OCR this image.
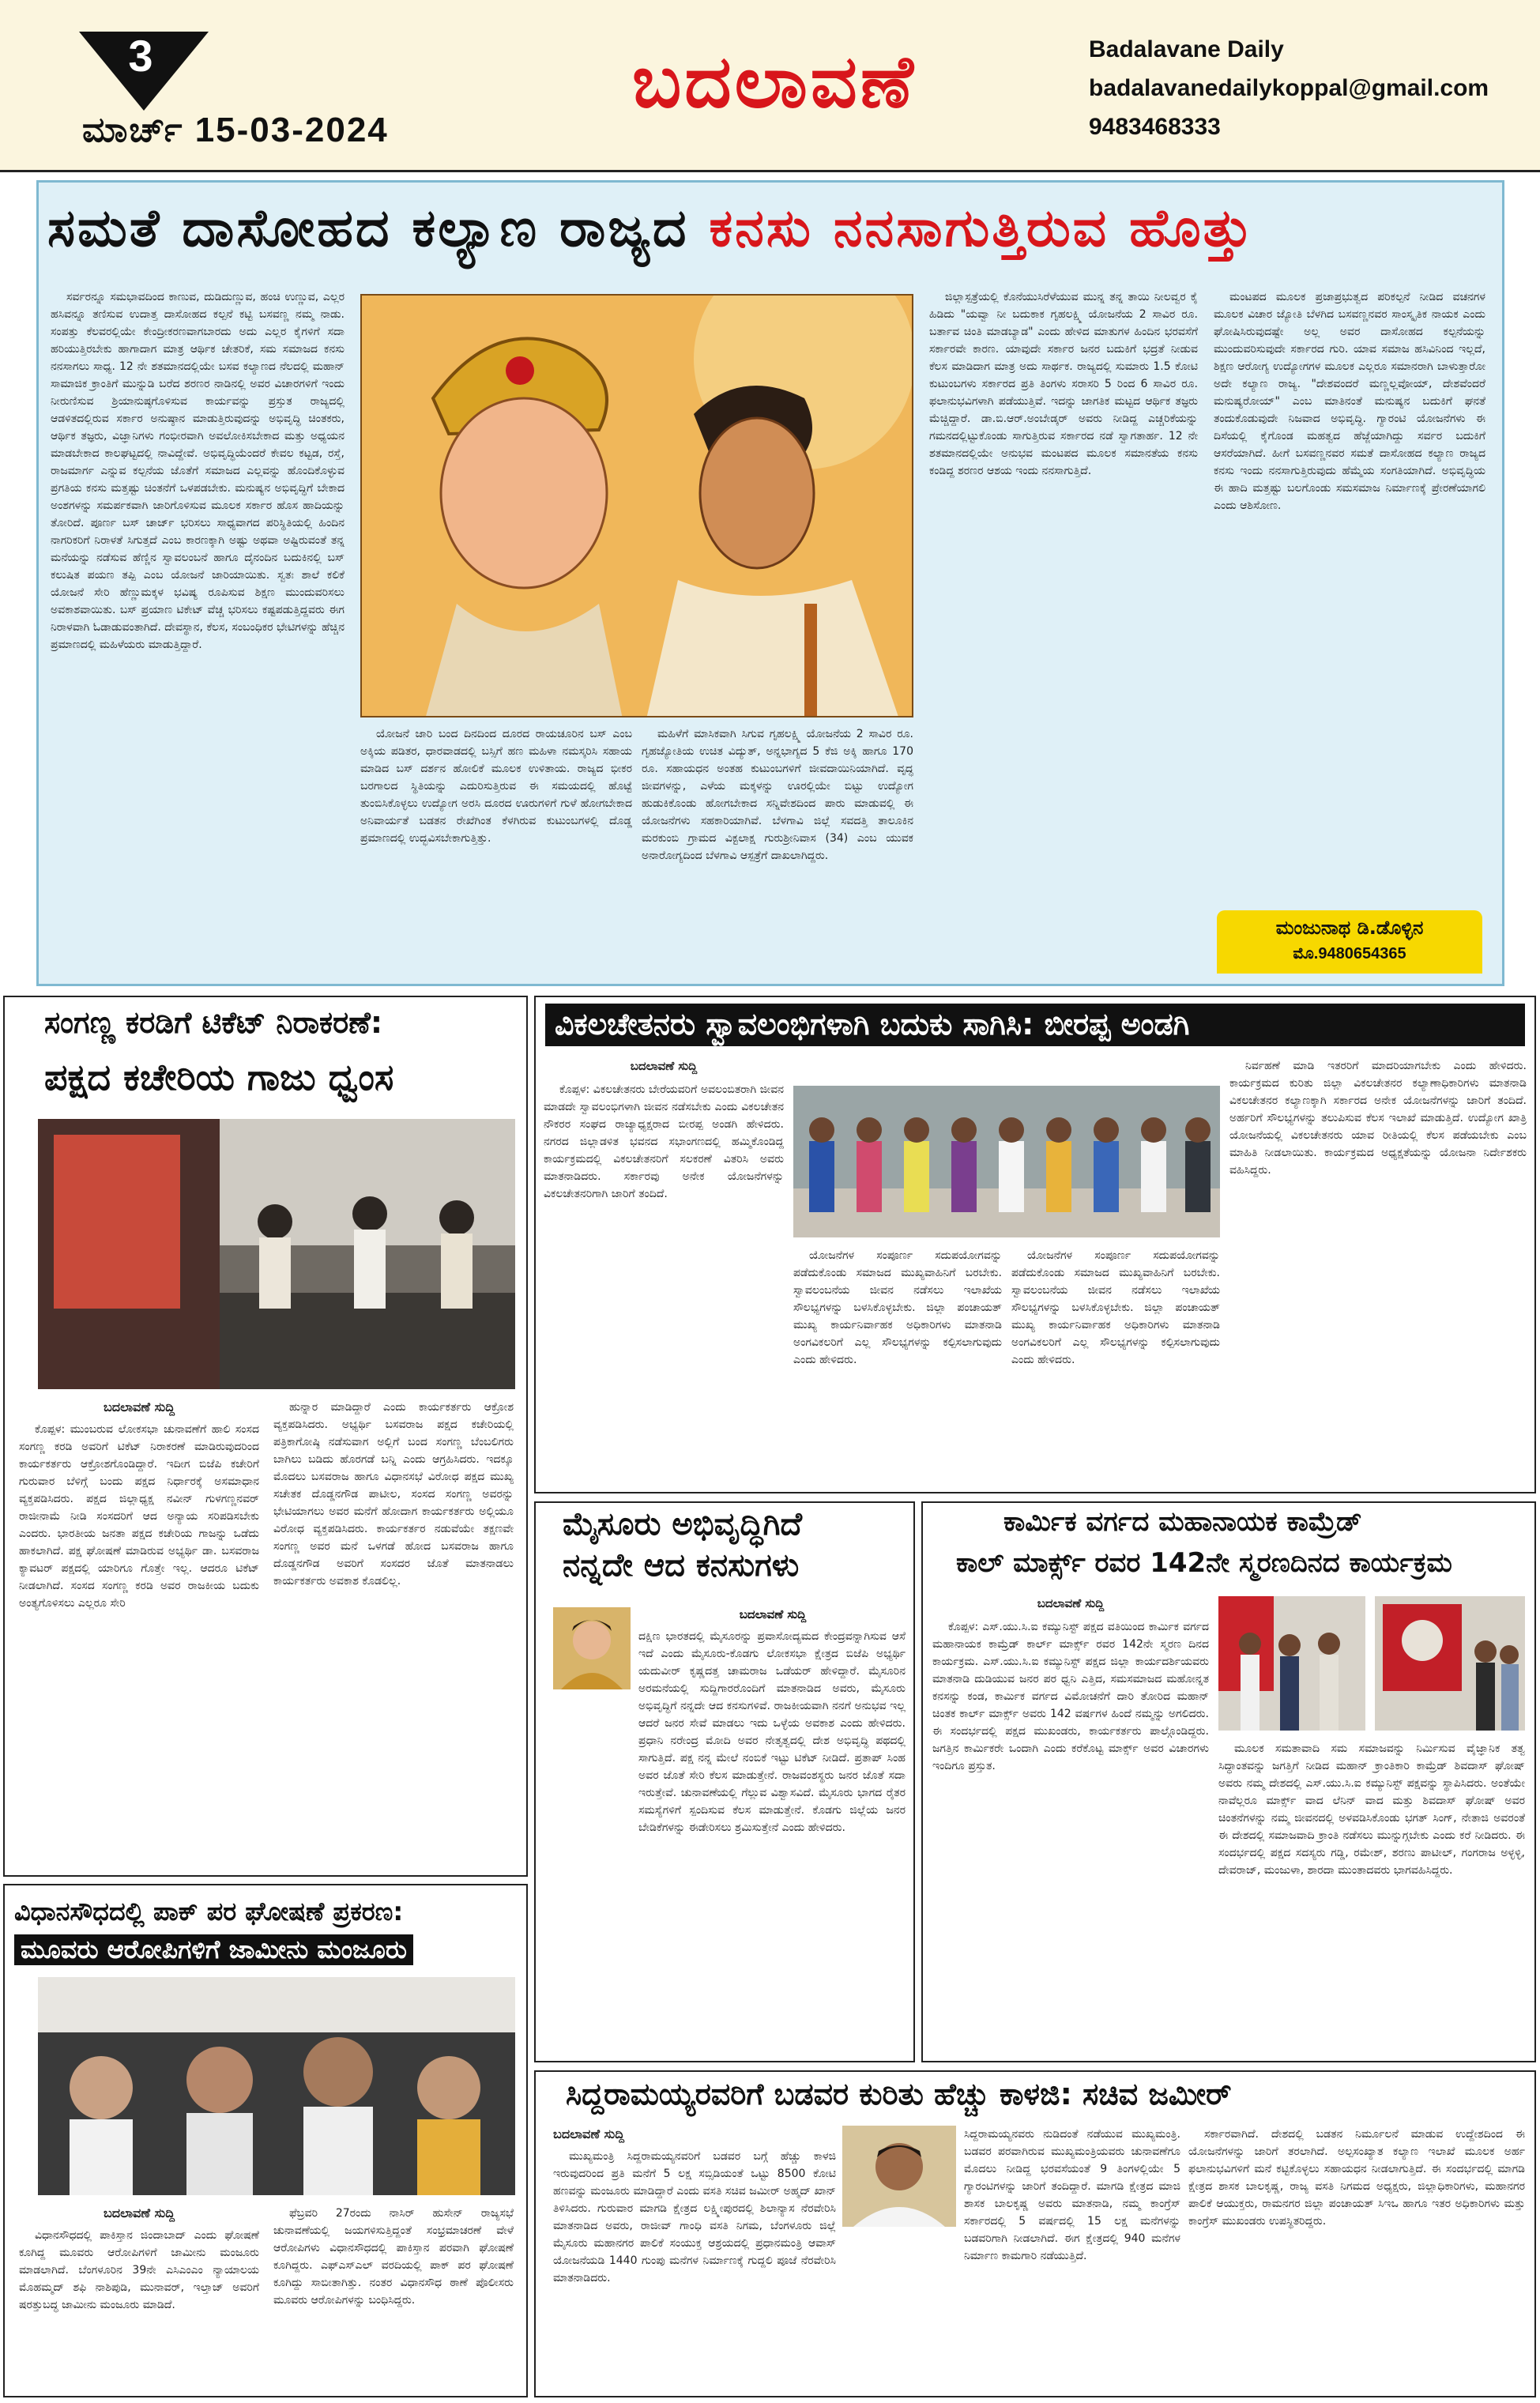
3
ಮಾರ್ಚ್ 15-03-2024
ಬದಲಾವಣೆ	Badalavane Daily
badalavanedailykoppal@gmail.com
9483468333
ಸಮತೆ ದಾಸೋಹದ ಕಲ್ಯಾಣ ರಾಜ್ಯದ ಕನಸು ನನಸಾಗುತ್ತಿರುವ ಹೊತ್ತು

ಸರ್ವರನ್ನೂ ಸಮಭಾವದಿಂದ ಕಾಣುವ, ದುಡಿದುಣ್ಣುವ, ಹಂಚಿ ಉಣ್ಣುವ, ಎಲ್ಲರ ಹಸಿವನ್ನೂ ತಣಿಸುವ ಉದಾತ್ತ ದಾಸೋಹದ ಕಲ್ಪನೆ ಕಟ್ಟಿ ಬಸವಣ್ಣ ನಮ್ಮ ನಾಡು. ಸಂಪತ್ತು ಕೆಲವರಲ್ಲಿಯೇ ಕೇಂದ್ರೀಕರಣವಾಗಬಾರದು ಅದು ಎಲ್ಲರ ಕೈಗಳಿಗೆ ಸದಾ ಹರಿಯುತ್ತಿರಬೇಕು ಹಾಗಾದಾಗ ಮಾತ್ರ ಆರ್ಥಿಕ ಚೇತರಿಕೆ, ಸಮ ಸಮಾಜದ ಕನಸು ನನಸಾಗಲು ಸಾಧ್ಯ. 12 ನೇ ಶತಮಾನದಲ್ಲಿಯೇ ಬಸವ ಕಲ್ಯಾಣದ ನೆಲದಲ್ಲಿ ಮಹಾನ್ ಸಾಮಾಜಿಕ ಕ್ರಾಂತಿಗೆ ಮುನ್ನುಡಿ ಬರೆದ ಶರಣರ ನಾಡಿನಲ್ಲಿ ಅವರ ವಿಚಾರಗಳಿಗೆ ಇಂದು ನೀರುಣಿಸುವ ಶ್ರಿಯಾನುಷ್ಠಗೊಳಿಸುವ ಕಾರ್ಯವನ್ನು ಪ್ರಸ್ತುತ ರಾಜ್ಯದಲ್ಲಿ ಆಡಳಿತದಲ್ಲಿರುವ ಸರ್ಕಾರ ಅನುಷ್ಠಾನ ಮಾಡುತ್ತಿರುವುದನ್ನು ಅಭಿವೃದ್ಧಿ ಚಿಂತಕರು, ಆರ್ಥಿಕ ತಜ್ಞರು, ವಿಜ್ಞಾನಿಗಳು ಗಂಭೀರವಾಗಿ ಅವಲೋಕಿಸಬೇಕಾದ ಮತ್ತು ಅಧ್ಯಯನ ಮಾಡಬೇಕಾದ ಕಾಲಘಟ್ಟದಲ್ಲಿ ನಾವಿದ್ದೇವೆ. ಅಭಿವೃದ್ಧಿಯೆಂದರೆ ಕೇವಲ ಕಟ್ಟಡ, ರಸ್ತೆ, ರಾಜಮಾರ್ಗ ಎನ್ನುವ ಕಲ್ಪನೆಯ ಜೊತೆಗೆ ಸಮಾಜದ ಎಲ್ಲವನ್ನು ಹೊಂದಿಕೊಳ್ಳುವ ಪ್ರಗತಿಯ ಕನಸು ಮತ್ತಷ್ಟು ಚಿಂತನೆಗೆ ಒಳಪಡಬೇಕು. ಮನುಷ್ಯನ ಅಭಿವೃದ್ಧಿಗೆ ಬೇಕಾದ ಅಂಶಗಳನ್ನು ಸಮರ್ಪಕವಾಗಿ ಜಾರಿಗೊಳಿಸುವ ಮೂಲಕ ಸರ್ಕಾರ ಹೊಸ ಹಾದಿಯನ್ನು ತೋರಿದೆ. ಪೂರ್ಣ ಬಸ್ ಚಾರ್ಜ್ ಭರಿಸಲು ಸಾಧ್ಯವಾಗದ ಪರಿಸ್ಥಿತಿಯಲ್ಲಿ ಹಿಂದಿನ ನಾಗರಿಕರಿಗೆ ನಿರಾಳತೆ ಸಿಗುತ್ತದೆ ಎಂಬ ಕಾರಣಕ್ಕಾಗಿ ಅಷ್ಟು ಅಥವಾ ಅಷ್ಟಿರುವಂತೆ ತನ್ನ ಮನೆಯನ್ನು ನಡೆಸುವ ಹೆಣ್ಣಿನ ಸ್ವಾವಲಂಬನೆ ಹಾಗೂ ದೈನಂದಿನ ಬದುಕಿನಲ್ಲಿ ಬಸ್ ಕಲುಷಿತ ಪಯಣ ತಪ್ಪಿ ಎಂಬ ಯೋಜನೆ ಜಾರಿಯಾಯಿತು. ಸ್ವತಃ ಶಾಲೆ ಕಲಿಕೆ ಯೋಜನೆ ಸೇರಿ ಹೆಣ್ಣುಮಕ್ಕಳ ಭವಿಷ್ಯ ರೂಪಿಸುವ ಶಿಕ್ಷಣ ಮುಂದುವರಿಸಲು ಅವಕಾಶವಾಯಿತು. ಬಸ್ ಪ್ರಯಾಣ ಟಿಕೇಟ್ ವೆಚ್ಚ ಭರಿಸಲು ಕಷ್ಟಪಡುತ್ತಿದ್ದವರು ಈಗ ನಿರಾಳವಾಗಿ ಓಡಾಡುವಂತಾಗಿದೆ. ದೇವಸ್ಥಾನ, ಕೆಲಸ, ಸಂಬಂಧಿಕರ ಭೇಟಿಗಳನ್ನು ಹೆಚ್ಚಿನ ಪ್ರಮಾಣದಲ್ಲಿ ಮಹಿಳೆಯರು ಮಾಡುತ್ತಿದ್ದಾರೆ.

ಯೋಜನೆ ಜಾರಿ ಬಂದ ದಿನದಿಂದ ದೂರದ ರಾಯಚೂರಿನ ಬಸ್ ಎಂಬ ಅಕ್ಕಿಯ ಪಡಿತರ, ಧಾರವಾಡದಲ್ಲಿ ಬಸ್ಸಿಗೆ ಹಣ ಮಹಿಳಾ ನಮಸ್ಕರಿಸಿ ಸಹಾಯ ಮಾಡಿದ ಬಸ್ ದರ್ಶನ ಹೋಲಿಕೆ ಮೂಲಕ ಉಳಿತಾಯ. ರಾಜ್ಯದ ಭೀಕರ ಬರಗಾಲದ ಸ್ಥಿತಿಯನ್ನು ಎದುರಿಸುತ್ತಿರುವ ಈ ಸಮಯದಲ್ಲಿ ಹೊಟ್ಟೆ ತುಂಬಿಸಿಕೊಳ್ಳಲು ಉದ್ಯೋಗ ಅರಸಿ ದೂರದ ಊರುಗಳಿಗೆ ಗುಳೆ ಹೋಗಬೇಕಾದ ಅನಿವಾರ್ಯತೆ ಬಡತನ ರೇಖೆಗಿಂತ ಕೆಳಗಿರುವ ಕುಟುಂಬಗಳಲ್ಲಿ ದೊಡ್ಡ ಪ್ರಮಾಣದಲ್ಲಿ ಉದ್ಭವಿಸಬೇಕಾಗುತ್ತಿತ್ತು.

ಮಹಿಳೆಗೆ ಮಾಸಿಕವಾಗಿ ಸಿಗುವ ಗೃಹಲಕ್ಷ್ಮಿ ಯೋಜನೆಯ 2 ಸಾವಿರ ರೂ. ಗೃಹಜ್ಯೋತಿಯ ಉಚಿತ ವಿದ್ಯುತ್, ಅನ್ನಭಾಗ್ಯದ 5 ಕೆಜಿ ಅಕ್ಕಿ ಹಾಗೂ 170 ರೂ. ಸಹಾಯಧನ ಅಂತಹ ಕುಟುಂಬಗಳಿಗೆ ಜೀವದಾಯಿನಿಯಾಗಿದೆ. ವೃದ್ಧ ಜೀವಗಳನ್ನು, ಎಳೆಯ ಮಕ್ಕಳನ್ನು ಊರಲ್ಲಿಯೇ ಬಿಟ್ಟು ಉದ್ಯೋಗ ಹುಡುಕಿಕೊಂಡು ಹೋಗಬೇಕಾದ ಸನ್ನಿವೇಶದಿಂದ ಪಾರು ಮಾಡುವಲ್ಲಿ ಈ ಯೋಜನೆಗಳು ಸಹಕಾರಿಯಾಗಿವೆ. ಬೆಳಗಾವಿ ಜಿಲ್ಲೆ ಸವದತ್ತಿ ತಾಲೂಕಿನ ಮರಕುಂಬಿ ಗ್ರಾಮದ ವಿಕ್ಟಲಾಕ್ಷ ಗುರುಶ್ರೀನಿವಾಸ (34) ಎಂಬ ಯುವಕ ಅನಾರೋಗ್ಯದಿಂದ ಬೆಳಗಾವಿ ಆಸ್ಪತ್ರೆಗೆ ದಾಖಲಾಗಿದ್ದರು.

ಜಿಲ್ಲಾಸ್ಪತ್ರೆಯಲ್ಲಿ ಕೊನೆಯುಸಿರೆಳೆಯುವ ಮುನ್ನ ತನ್ನ ತಾಯಿ ನೀಲವ್ವರ ಕೈ ಹಿಡಿದು "ಯವ್ವಾ ನೀ ಬದುಕಾಕ ಗೃಹಲಕ್ಷ್ಮಿ ಯೋಜನೆಯ 2 ಸಾವಿರ ರೂ. ಬರ್ತಾವ ಚಿಂತಿ ಮಾಡಬ್ಯಾಡ" ಎಂದು ಹೇಳಿದ ಮಾತುಗಳ ಹಿಂದಿನ ಭರವಸೆಗೆ ಸರ್ಕಾರವೇ ಕಾರಣ. ಯಾವುದೇ ಸರ್ಕಾರ ಜನರ ಬದುಕಿಗೆ ಭದ್ರತೆ ನೀಡುವ ಕೆಲಸ ಮಾಡಿದಾಗ ಮಾತ್ರ ಅದು ಸಾರ್ಥಕ. ರಾಜ್ಯದಲ್ಲಿ ಸುಮಾರು 1.5 ಕೋಟಿ ಕುಟುಂಬಗಳು ಸರ್ಕಾರದ ಪ್ರತಿ ತಿಂಗಳು ಸರಾಸರಿ 5 ರಿಂದ 6 ಸಾವಿರ ರೂ. ಫಲಾನುಭವಿಗಳಾಗಿ ಪಡೆಯುತ್ತಿವೆ. ಇದನ್ನು ಜಾಗತಿಕ ಮಟ್ಟದ ಆರ್ಥಿಕ ತಜ್ಞರು ಮೆಚ್ಚಿದ್ದಾರೆ. ಡಾ.ಬಿ.ಆರ್.ಅಂಬೇಡ್ಕರ್ ಅವರು ನೀಡಿದ್ದ ಎಚ್ಚರಿಕೆಯನ್ನು ಗಮನದಲ್ಲಿಟ್ಟುಕೊಂಡು ಸಾಗುತ್ತಿರುವ ಸರ್ಕಾರದ ನಡೆ ಸ್ವಾಗತಾರ್ಹ. 12 ನೇ ಶತಮಾನದಲ್ಲಿಯೇ ಅನುಭವ ಮಂಟಪದ ಮೂಲಕ ಸಮಾನತೆಯ ಕನಸು ಕಂಡಿದ್ದ ಶರಣರ ಆಶಯ ಇಂದು ನನಸಾಗುತ್ತಿದೆ.

ಮಂಟಪದ ಮೂಲಕ ಪ್ರಜಾಪ್ರಭುತ್ವದ ಪರಿಕಲ್ಪನೆ ನೀಡಿದ ವಚನಗಳ ಮೂಲಕ ವಿಚಾರ ಜ್ಯೋತಿ ಬೆಳಗಿದ ಬಸವಣ್ಣನವರ ಸಾಂಸ್ಕೃತಿಕ ನಾಯಕ ಎಂದು ಘೋಷಿಸಿರುವುದಷ್ಟೇ ಅಲ್ಲ ಅವರ ದಾಸೋಹದ ಕಲ್ಪನೆಯನ್ನು ಮುಂದುವರಿಸುವುದೇ ಸರ್ಕಾರದ ಗುರಿ. ಯಾವ ಸಮಾಜ ಹಸಿವಿನಿಂದ ಇಲ್ಲದೆ, ಶಿಕ್ಷಣ ಆರೋಗ್ಯ ಉದ್ಯೋಗಗಳ ಮೂಲಕ ಎಲ್ಲರೂ ಸಮಾನರಾಗಿ ಬಾಳುತ್ತಾರೋ ಅದೇ ಕಲ್ಯಾಣ ರಾಜ್ಯ. "ದೇಶವಂದರೆ ಮಣ್ಣಲ್ಲವೋಯ್, ದೇಶವೆಂದರೆ ಮನುಷ್ಯರೋಯ್" ಎಂಬ ಮಾತಿನಂತೆ ಮನುಷ್ಯನ ಬದುಕಿಗೆ ಘನತೆ ತಂದುಕೊಡುವುದೇ ನಿಜವಾದ ಅಭಿವೃದ್ಧಿ. ಗ್ಯಾರಂಟಿ ಯೋಜನೆಗಳು ಈ ದಿಸೆಯಲ್ಲಿ ಕೈಗೊಂಡ ಮಹತ್ವದ ಹೆಜ್ಜೆಯಾಗಿದ್ದು ಸರ್ವರ ಬದುಕಿಗೆ ಆಸರೆಯಾಗಿದೆ. ಹೀಗೆ ಬಸವಣ್ಣನವರ ಸಮತೆ ದಾಸೋಹದ ಕಲ್ಯಾಣ ರಾಜ್ಯದ ಕನಸು ಇಂದು ನನಸಾಗುತ್ತಿರುವುದು ಹೆಮ್ಮೆಯ ಸಂಗತಿಯಾಗಿದೆ. ಅಭಿವೃದ್ಧಿಯ ಈ ಹಾದಿ ಮತ್ತಷ್ಟು ಬಲಗೊಂಡು ಸಮಸಮಾಜ ನಿರ್ಮಾಣಕ್ಕೆ ಪ್ರೇರಣೆಯಾಗಲಿ ಎಂದು ಆಶಿಸೋಣ.

ಮಂಜುನಾಥ ಡಿ.ಡೊಳ್ಳಿನ
ಮೊ.9480654365
ಸಂಗಣ್ಣ ಕರಡಿಗೆ ಟಿಕೆಟ್ ನಿರಾಕರಣೆ:
ಪಕ್ಷದ ಕಚೇರಿಯ ಗಾಜು ಧ್ವಂಸ
ಬದಲಾವಣೆ ಸುದ್ದಿ

ಕೊಪ್ಪಳ: ಮುಂಬರುವ ಲೋಕಸಭಾ ಚುನಾವಣೆಗೆ ಹಾಲಿ ಸಂಸದ ಸಂಗಣ್ಣ ಕರಡಿ ಅವರಿಗೆ ಟಿಕೆಟ್ ನಿರಾಕರಣೆ ಮಾಡಿರುವುದರಿಂದ ಕಾರ್ಯಕರ್ತರು ಆಕ್ರೋಶಗೊಂಡಿದ್ದಾರೆ. ಇದೀಗ ಬಿಜೆಪಿ ಕಚೇರಿಗೆ ಗುರುವಾರ ಬೆಳಿಗ್ಗೆ ಬಂದು ಪಕ್ಷದ ನಿರ್ಧಾರಕ್ಕೆ ಅಸಮಾಧಾನ ವ್ಯಕ್ತಪಡಿಸಿದರು. ಪಕ್ಷದ ಜಿಲ್ಲಾಧ್ಯಕ್ಷ ನವೀನ್ ಗುಳಗಣ್ಣನವರ್ ರಾಜೀನಾಮೆ ನೀಡಿ ಸಂಸದರಿಗೆ ಆದ ಅನ್ಯಾಯ ಸರಿಪಡಿಸಬೇಕು ಎಂದರು. ಭಾರತೀಯ ಜನತಾ ಪಕ್ಷದ ಕಚೇರಿಯ ಗಾಜನ್ನು ಒಡೆದು ಹಾಕಲಾಗಿದೆ. ಪಕ್ಷ ಘೋಷಣೆ ಮಾಡಿರುವ ಅಭ್ಯರ್ಥಿ ಡಾ. ಬಸವರಾಜ ಕ್ಯಾವಟರ್ ಪಕ್ಷದಲ್ಲಿ ಯಾರಿಗೂ ಗೊತ್ತೇ ಇಲ್ಲ. ಆದರೂ ಟಿಕೆಟ್ ನೀಡಲಾಗಿದೆ. ಸಂಸದ ಸಂಗಣ್ಣ ಕರಡಿ ಅವರ ರಾಜಕೀಯ ಬದುಕು ಅಂತ್ಯಗೊಳಿಸಲು ಎಲ್ಲರೂ ಸೇರಿ

ಹುನ್ನಾರ ಮಾಡಿದ್ದಾರೆ ಎಂದು ಕಾರ್ಯಕರ್ತರು ಆಕ್ರೋಶ ವ್ಯಕ್ತಪಡಿಸಿದರು. ಅಭ್ಯರ್ಥಿ ಬಸವರಾಜ ಪಕ್ಷದ ಕಚೇರಿಯಲ್ಲಿ ಪತ್ರಿಕಾಗೋಷ್ಠಿ ನಡೆಸುವಾಗ ಅಲ್ಲಿಗೆ ಬಂದ ಸಂಗಣ್ಣ ಬೆಂಬಲಿಗರು ಬಾಗಿಲು ಬಡಿದು ಹೊರಗಡೆ ಬನ್ನಿ ಎಂದು ಆಗ್ರಹಿಸಿದರು. ಇದಕ್ಕೂ ಮೊದಲು ಬಸವರಾಜ ಹಾಗೂ ವಿಧಾನಸಭೆ ವಿರೋಧ ಪಕ್ಷದ ಮುಖ್ಯ ಸಚೇತಕ ದೊಡ್ಡನಗೌಡ ಪಾಟೀಲ, ಸಂಸದ ಸಂಗಣ್ಣ ಅವರನ್ನು ಭೇಟಿಯಾಗಲು ಅವರ ಮನೆಗೆ ಹೋದಾಗ ಕಾರ್ಯಕರ್ತರು ಅಲ್ಲಿಯೂ ವಿರೋಧ ವ್ಯಕ್ತಪಡಿಸಿದರು. ಕಾರ್ಯಕರ್ತರ ನಡುವೆಯೇ ತಕ್ಷಣವೇ ಸಂಗಣ್ಣ ಅವರ ಮನೆ ಒಳಗಡೆ ಹೋದ ಬಸವರಾಜ ಹಾಗೂ ದೊಡ್ಡನಗೌಡ ಅವರಿಗೆ ಸಂಸದರ ಜೊತೆ ಮಾತನಾಡಲು ಕಾರ್ಯಕರ್ತರು ಅವಕಾಶ ಕೊಡಲಿಲ್ಲ.

ವಿಧಾನಸೌಧದಲ್ಲಿ ಪಾಕ್ ಪರ ಘೋಷಣೆ ಪ್ರಕರಣ:
ಮೂವರು ಆರೋಪಿಗಳಿಗೆ ಜಾಮೀನು ಮಂಜೂರು
ಬದಲಾವಣೆ ಸುದ್ದಿ

ವಿಧಾನಸೌಧದಲ್ಲಿ ಪಾಕಿಸ್ತಾನ ಜಿಂದಾಬಾದ್ ಎಂದು ಘೋಷಣೆ ಕೂಗಿದ್ದ ಮೂವರು ಆರೋಪಿಗಳಿಗೆ ಜಾಮೀನು ಮಂಜೂರು ಮಾಡಲಾಗಿದೆ. ಬೆಂಗಳೂರಿನ 39ನೇ ಎಸಿಎಂಎಂ ನ್ಯಾಯಾಲಯ ಮೊಹಮ್ಮದ್ ಶಫಿ ನಾಶಿಪುಡಿ, ಮುನಾವರ್, ಇಲ್ತಾಜ್ ಅವರಿಗೆ ಷರತ್ತುಬದ್ಧ ಜಾಮೀನು ಮಂಜೂರು ಮಾಡಿದೆ.

ಫೆಬ್ರವರಿ 27ರಂದು ನಾಸಿರ್ ಹುಸೇನ್ ರಾಜ್ಯಸಭೆ ಚುನಾವಣೆಯಲ್ಲಿ ಜಯಗಳಿಸುತ್ತಿದ್ದಂತೆ ಸಂಭ್ರಮಾಚರಣೆ ವೇಳೆ ಆರೋಪಿಗಳು ವಿಧಾನಸೌಧದಲ್ಲಿ ಪಾಕಿಸ್ತಾನ ಪರವಾಗಿ ಘೋಷಣೆ ಕೂಗಿದ್ದರು. ಎಫ್ಎಸ್ಎಲ್ ವರದಿಯಲ್ಲಿ ಪಾಕ್ ಪರ ಘೋಷಣೆ ಕೂಗಿದ್ದು ಸಾಬೀತಾಗಿತ್ತು. ನಂತರ ವಿಧಾನಸೌಧ ಠಾಣೆ ಪೊಲೀಸರು ಮೂವರು ಆರೋಪಿಗಳನ್ನು ಬಂಧಿಸಿದ್ದರು.

ವಿಕಲಚೇತನರು ಸ್ವಾವಲಂಭಿಗಳಾಗಿ ಬದುಕು ಸಾಗಿಸಿ: ಬೀರಪ್ಪ ಅಂಡಗಿ
ಬದಲಾವಣೆ ಸುದ್ದಿ

ಕೊಪ್ಪಳ: ವಿಕಲಚೇತನರು ಬೇರೆಯವರಿಗೆ ಅವಲಂಬಿತರಾಗಿ ಜೀವನ ಮಾಡದೇ ಸ್ವಾವಲಂಭಿಗಳಾಗಿ ಜೀವನ ನಡೆಸಬೇಕು ಎಂದು ವಿಕಲಚೇತನ ನೌಕರರ ಸಂಘದ ರಾಜ್ಯಾಧ್ಯಕ್ಷರಾದ ಬೀರಪ್ಪ ಅಂಡಗಿ ಹೇಳಿದರು. ನಗರದ ಜಿಲ್ಲಾಡಳಿತ ಭವನದ ಸಭಾಂಗಣದಲ್ಲಿ ಹಮ್ಮಿಕೊಂಡಿದ್ದ ಕಾರ್ಯಕ್ರಮದಲ್ಲಿ ವಿಕಲಚೇತನರಿಗೆ ಸಲಕರಣೆ ವಿತರಿಸಿ ಅವರು ಮಾತನಾಡಿದರು. ಸರ್ಕಾರವು ಅನೇಕ ಯೋಜನೆಗಳನ್ನು ವಿಕಲಚೇತನರಿಗಾಗಿ ಜಾರಿಗೆ ತಂದಿದೆ.

ಯೋಜನೆಗಳ ಸಂಪೂರ್ಣ ಸದುಪಯೋಗವನ್ನು ಪಡೆದುಕೊಂಡು ಸಮಾಜದ ಮುಖ್ಯವಾಹಿನಿಗೆ ಬರಬೇಕು. ಸ್ವಾವಲಂಬನೆಯ ಜೀವನ ನಡೆಸಲು ಇಲಾಖೆಯ ಸೌಲಭ್ಯಗಳನ್ನು ಬಳಸಿಕೊಳ್ಳಬೇಕು. ಜಿಲ್ಲಾ ಪಂಚಾಯತ್ ಮುಖ್ಯ ಕಾರ್ಯನಿರ್ವಾಹಕ ಅಧಿಕಾರಿಗಳು ಮಾತನಾಡಿ ಅಂಗವಿಕಲರಿಗೆ ಎಲ್ಲ ಸೌಲಭ್ಯಗಳನ್ನು ಕಲ್ಪಿಸಲಾಗುವುದು ಎಂದು ಹೇಳಿದರು.

ಯೋಜನೆಗಳ ಸಂಪೂರ್ಣ ಸದುಪಯೋಗವನ್ನು ಪಡೆದುಕೊಂಡು ಸಮಾಜದ ಮುಖ್ಯವಾಹಿನಿಗೆ ಬರಬೇಕು. ಸ್ವಾವಲಂಬನೆಯ ಜೀವನ ನಡೆಸಲು ಇಲಾಖೆಯ ಸೌಲಭ್ಯಗಳನ್ನು ಬಳಸಿಕೊಳ್ಳಬೇಕು. ಜಿಲ್ಲಾ ಪಂಚಾಯತ್ ಮುಖ್ಯ ಕಾರ್ಯನಿರ್ವಾಹಕ ಅಧಿಕಾರಿಗಳು ಮಾತನಾಡಿ ಅಂಗವಿಕಲರಿಗೆ ಎಲ್ಲ ಸೌಲಭ್ಯಗಳನ್ನು ಕಲ್ಪಿಸಲಾಗುವುದು ಎಂದು ಹೇಳಿದರು.

ನಿರ್ವಹಣೆ ಮಾಡಿ ಇತರರಿಗೆ ಮಾದರಿಯಾಗಬೇಕು ಎಂದು ಹೇಳಿದರು. ಕಾರ್ಯಕ್ರಮದ ಕುರಿತು ಜಿಲ್ಲಾ ವಿಕಲಚೇತನರ ಕಲ್ಯಾಣಾಧಿಕಾರಿಗಳು ಮಾತನಾಡಿ ವಿಕಲಚೇತನರ ಕಲ್ಯಾಣಕ್ಕಾಗಿ ಸರ್ಕಾರದ ಅನೇಕ ಯೋಜನೆಗಳನ್ನು ಜಾರಿಗೆ ತಂದಿದೆ. ಅರ್ಹರಿಗೆ ಸೌಲಭ್ಯಗಳನ್ನು ತಲುಪಿಸುವ ಕೆಲಸ ಇಲಾಖೆ ಮಾಡುತ್ತಿದೆ. ಉದ್ಯೋಗ ಖಾತ್ರಿ ಯೋಜನೆಯಲ್ಲಿ ವಿಕಲಚೇತನರು ಯಾವ ರೀತಿಯಲ್ಲಿ ಕೆಲಸ ಪಡೆಯಬೇಕು ಎಂಬ ಮಾಹಿತಿ ನೀಡಲಾಯಿತು. ಕಾರ್ಯಕ್ರಮದ ಅಧ್ಯಕ್ಷತೆಯನ್ನು ಯೋಜನಾ ನಿರ್ದೇಶಕರು ವಹಿಸಿದ್ದರು.

ಮೈಸೂರು ಅಭಿವೃದ್ಧಿಗಿದೆ
ನನ್ನದೇ ಆದ ಕನಸುಗಳು
ಬದಲಾವಣೆ ಸುದ್ದಿ

ದಕ್ಷಿಣ ಭಾರತದಲ್ಲಿ ಮೈಸೂರನ್ನು ಪ್ರವಾಸೋದ್ಯಮದ ಕೇಂದ್ರವನ್ನಾಗಿಸುವ ಆಸೆ ಇದೆ ಎಂದು ಮೈಸೂರು-ಕೊಡಗು ಲೋಕಸಭಾ ಕ್ಷೇತ್ರದ ಬಿಜೆಪಿ ಅಭ್ಯರ್ಥಿ ಯದುವೀರ್ ಕೃಷ್ಣದತ್ತ ಚಾಮರಾಜ ಒಡೆಯರ್ ಹೇಳಿದ್ದಾರೆ. ಮೈಸೂರಿನ ಅರಮನೆಯಲ್ಲಿ ಸುದ್ದಿಗಾರರೊಂದಿಗೆ ಮಾತನಾಡಿದ ಅವರು, ಮೈಸೂರು ಅಭಿವೃದ್ಧಿಗೆ ನನ್ನದೇ ಆದ ಕನಸುಗಳಿವೆ. ರಾಜಕೀಯವಾಗಿ ನನಗೆ ಅನುಭವ ಇಲ್ಲ ಆದರೆ ಜನರ ಸೇವೆ ಮಾಡಲು ಇದು ಒಳ್ಳೆಯ ಅವಕಾಶ ಎಂದು ಹೇಳಿದರು. ಪ್ರಧಾನಿ ನರೇಂದ್ರ ಮೋದಿ ಅವರ ನೇತೃತ್ವದಲ್ಲಿ ದೇಶ ಅಭಿವೃದ್ಧಿ ಪಥದಲ್ಲಿ ಸಾಗುತ್ತಿದೆ. ಪಕ್ಷ ನನ್ನ ಮೇಲೆ ನಂಬಿಕೆ ಇಟ್ಟು ಟಿಕೆಟ್ ನೀಡಿದೆ. ಪ್ರತಾಪ್ ಸಿಂಹ ಅವರ ಜೊತೆ ಸೇರಿ ಕೆಲಸ ಮಾಡುತ್ತೇನೆ. ರಾಜವಂಶಸ್ಥರು ಜನರ ಜೊತೆ ಸದಾ ಇರುತ್ತೇವೆ. ಚುನಾವಣೆಯಲ್ಲಿ ಗೆಲ್ಲುವ ವಿಶ್ವಾಸವಿದೆ. ಮೈಸೂರು ಭಾಗದ ರೈತರ ಸಮಸ್ಯೆಗಳಿಗೆ ಸ್ಪಂದಿಸುವ ಕೆಲಸ ಮಾಡುತ್ತೇನೆ. ಕೊಡಗು ಜಿಲ್ಲೆಯ ಜನರ ಬೇಡಿಕೆಗಳನ್ನು ಈಡೇರಿಸಲು ಶ್ರಮಿಸುತ್ತೇನೆ ಎಂದು ಹೇಳಿದರು.

ಕಾರ್ಮಿಕ ವರ್ಗದ ಮಹಾನಾಯಕ ಕಾಮ್ರೆಡ್
ಕಾಲ್ ಮಾರ್ಕ್ಸ್ ರವರ 142ನೇ ಸ್ಮರಣದಿನದ ಕಾರ್ಯಕ್ರಮ
ಬದಲಾವಣೆ ಸುದ್ದಿ

ಕೊಪ್ಪಳ: ಎಸ್.ಯು.ಸಿ.ಐ ಕಮ್ಯುನಿಸ್ಟ್ ಪಕ್ಷದ ವತಿಯಿಂದ ಕಾರ್ಮಿಕ ವರ್ಗದ ಮಹಾನಾಯಕ ಕಾಮ್ರೆಡ್ ಕಾರ್ಲ್ ಮಾರ್ಕ್ಸ್ ರವರ 142ನೇ ಸ್ಮರಣ ದಿನದ ಕಾರ್ಯಕ್ರಮ. ಎಸ್.ಯು.ಸಿ.ಐ ಕಮ್ಯುನಿಸ್ಟ್ ಪಕ್ಷದ ಜಿಲ್ಲಾ ಕಾರ್ಯದರ್ಶಿಯವರು ಮಾತನಾಡಿ ದುಡಿಯುವ ಜನರ ಪರ ಧ್ವನಿ ಎತ್ತಿದ, ಸಮಸಮಾಜದ ಮಹೋನ್ನತ ಕನಸನ್ನು ಕಂಡ, ಕಾರ್ಮಿಕ ವರ್ಗದ ವಿಮೋಚನೆಗೆ ದಾರಿ ತೋರಿದ ಮಹಾನ್ ಚಿಂತಕ ಕಾರ್ಲ್ ಮಾರ್ಕ್ಸ್ ಅವರು 142 ವರ್ಷಗಳ ಹಿಂದೆ ನಮ್ಮನ್ನು ಅಗಲಿದರು. ಈ ಸಂದರ್ಭದಲ್ಲಿ ಪಕ್ಷದ ಮುಖಂಡರು, ಕಾರ್ಯಕರ್ತರು ಪಾಲ್ಗೊಂಡಿದ್ದರು. ಜಗತ್ತಿನ ಕಾರ್ಮಿಕರೇ ಒಂದಾಗಿ ಎಂದು ಕರೆಕೊಟ್ಟ ಮಾರ್ಕ್ಸ್ ಅವರ ವಿಚಾರಗಳು ಇಂದಿಗೂ ಪ್ರಸ್ತುತ.

ಮೂಲಕ ಸಮತಾವಾದಿ ಸಮ ಸಮಾಜವನ್ನು ನಿರ್ಮಿಸುವ ವೈಜ್ಞಾನಿಕ ತತ್ವ ಸಿದ್ಧಾಂತವನ್ನು ಜಗತ್ತಿಗೆ ನೀಡಿದ ಮಹಾನ್ ಕ್ರಾಂತಿಕಾರಿ ಕಾಮ್ರೆಡ್ ಶಿವದಾಸ್ ಘೋಷ್ ಅವರು ನಮ್ಮ ದೇಶದಲ್ಲಿ ಎಸ್.ಯು.ಸಿ.ಐ ಕಮ್ಯುನಿಸ್ಟ್ ಪಕ್ಷವನ್ನು ಸ್ಥಾಪಿಸಿದರು. ಅಂತೆಯೇ ನಾವೆಲ್ಲರೂ ಮಾರ್ಕ್ಸ್ ವಾದ ಲೆನಿನ್ ವಾದ ಮತ್ತು ಶಿವದಾಸ್ ಘೋಷ್ ಅವರ ಚಿಂತನೆಗಳನ್ನು ನಮ್ಮ ಜೀವನದಲ್ಲಿ ಅಳವಡಿಸಿಕೊಂಡು ಭಗತ್ ಸಿಂಗ್, ನೇತಾಜಿ ಅವರಂತೆ ಈ ದೇಶದಲ್ಲಿ ಸಮಾಜವಾದಿ ಕ್ರಾಂತಿ ನಡೆಸಲು ಮುನ್ನುಗ್ಗಬೇಕು ಎಂದು ಕರೆ ನೀಡಿದರು. ಈ ಸಂದರ್ಭದಲ್ಲಿ ಪಕ್ಷದ ಸದಸ್ಯರು ಗಡ್ಡಿ, ರಮೇಶ್, ಶರಣು ಪಾಟೀಲ್, ಗಂಗರಾಜ ಅಳ್ಳಳ್ಳಿ, ದೇವರಾಜ್, ಮಂಜುಳಾ, ಶಾರದಾ ಮುಂತಾದವರು ಭಾಗವಹಿಸಿದ್ದರು.

ಸಿದ್ದರಾಮಯ್ಯರವರಿಗೆ ಬಡವರ ಕುರಿತು ಹೆಚ್ಚು ಕಾಳಜಿ: ಸಚಿವ ಜಮೀರ್
ಬದಲಾವಣೆ ಸುದ್ದಿ

ಮುಖ್ಯಮಂತ್ರಿ ಸಿದ್ದರಾಮಯ್ಯನವರಿಗೆ ಬಡವರ ಬಗ್ಗೆ ಹೆಚ್ಚು ಕಾಳಜಿ ಇರುವುದರಿಂದ ಪ್ರತಿ ಮನೆಗೆ 5 ಲಕ್ಷ ಸಬ್ಸಿಡಿಯಂತೆ ಒಟ್ಟು 8500 ಕೋಟಿ ಹಣವನ್ನು ಮಂಜೂರು ಮಾಡಿದ್ದಾರೆ ಎಂದು ವಸತಿ ಸಚಿವ ಜಮೀರ್ ಅಹ್ಮದ್ ಖಾನ್ ತಿಳಿಸಿದರು. ಗುರುವಾರ ಮಾಗಡಿ ಕ್ಷೇತ್ರದ ಲಕ್ಷ್ಮೀಪುರದಲ್ಲಿ ಶಿಲಾನ್ಯಾಸ ನೆರವೇರಿಸಿ ಮಾತನಾಡಿದ ಅವರು, ರಾಜೀವ್ ಗಾಂಧಿ ವಸತಿ ನಿಗಮ, ಬೆಂಗಳೂರು ಜಿಲ್ಲೆ ಮೈಸೂರು ಮಹಾನಗರ ಪಾಲಿಕೆ ಸಂಯುಕ್ತ ಆಶ್ರಯದಲ್ಲಿ ಪ್ರಧಾನಮಂತ್ರಿ ಆವಾಸ್ ಯೋಜನೆಯಡಿ 1440 ಗುಂಪು ಮನೆಗಳ ನಿರ್ಮಾಣಕ್ಕೆ ಗುದ್ದಲಿ ಪೂಜೆ ನೆರವೇರಿಸಿ ಮಾತನಾಡಿದರು.

ಸಿದ್ದರಾಮಯ್ಯನವರು ನುಡಿದಂತೆ ನಡೆಯುವ ಮುಖ್ಯಮಂತ್ರಿ. ಬಡವರ ಪರವಾಗಿರುವ ಮುಖ್ಯಮಂತ್ರಿಯವರು ಚುನಾವಣೆಗೂ ಮೊದಲು ನೀಡಿದ್ದ ಭರವಸೆಯಂತೆ 9 ತಿಂಗಳಲ್ಲಿಯೇ 5 ಗ್ಯಾರಂಟಿಗಳನ್ನು ಜಾರಿಗೆ ತಂದಿದ್ದಾರೆ. ಮಾಗಡಿ ಕ್ಷೇತ್ರದ ಮಾಜಿ ಶಾಸಕ ಬಾಲಕೃಷ್ಣ ಅವರು ಮಾತನಾಡಿ, ನಮ್ಮ ಕಾಂಗ್ರೆಸ್ ಸರ್ಕಾರದಲ್ಲಿ 5 ವರ್ಷದಲ್ಲಿ 15 ಲಕ್ಷ ಮನೆಗಳನ್ನು ಬಡವರಿಗಾಗಿ ನೀಡಲಾಗಿದೆ. ಈಗ ಕ್ಷೇತ್ರದಲ್ಲಿ 940 ಮನೆಗಳ ನಿರ್ಮಾಣ ಕಾಮಗಾರಿ ನಡೆಯುತ್ತಿದೆ.

ಸರ್ಕಾರವಾಗಿದೆ. ದೇಶದಲ್ಲಿ ಬಡತನ ನಿರ್ಮೂಲನೆ ಮಾಡುವ ಉದ್ದೇಶದಿಂದ ಈ ಯೋಜನೆಗಳನ್ನು ಜಾರಿಗೆ ತರಲಾಗಿದೆ. ಅಲ್ಪಸಂಖ್ಯಾತ ಕಲ್ಯಾಣ ಇಲಾಖೆ ಮೂಲಕ ಅರ್ಹ ಫಲಾನುಭವಿಗಳಿಗೆ ಮನೆ ಕಟ್ಟಿಕೊಳ್ಳಲು ಸಹಾಯಧನ ನೀಡಲಾಗುತ್ತಿದೆ. ಈ ಸಂದರ್ಭದಲ್ಲಿ ಮಾಗಡಿ ಕ್ಷೇತ್ರದ ಶಾಸಕ ಬಾಲಕೃಷ್ಣ, ರಾಜ್ಯ ವಸತಿ ನಿಗಮದ ಅಧ್ಯಕ್ಷರು, ಜಿಲ್ಲಾಧಿಕಾರಿಗಳು, ಮಹಾನಗರ ಪಾಲಿಕೆ ಆಯುಕ್ತರು, ರಾಮನಗರ ಜಿಲ್ಲಾ ಪಂಚಾಯತ್ ಸಿಇಒ ಹಾಗೂ ಇತರ ಅಧಿಕಾರಿಗಳು ಮತ್ತು ಕಾಂಗ್ರೆಸ್ ಮುಖಂಡರು ಉಪಸ್ಥಿತರಿದ್ದರು.
